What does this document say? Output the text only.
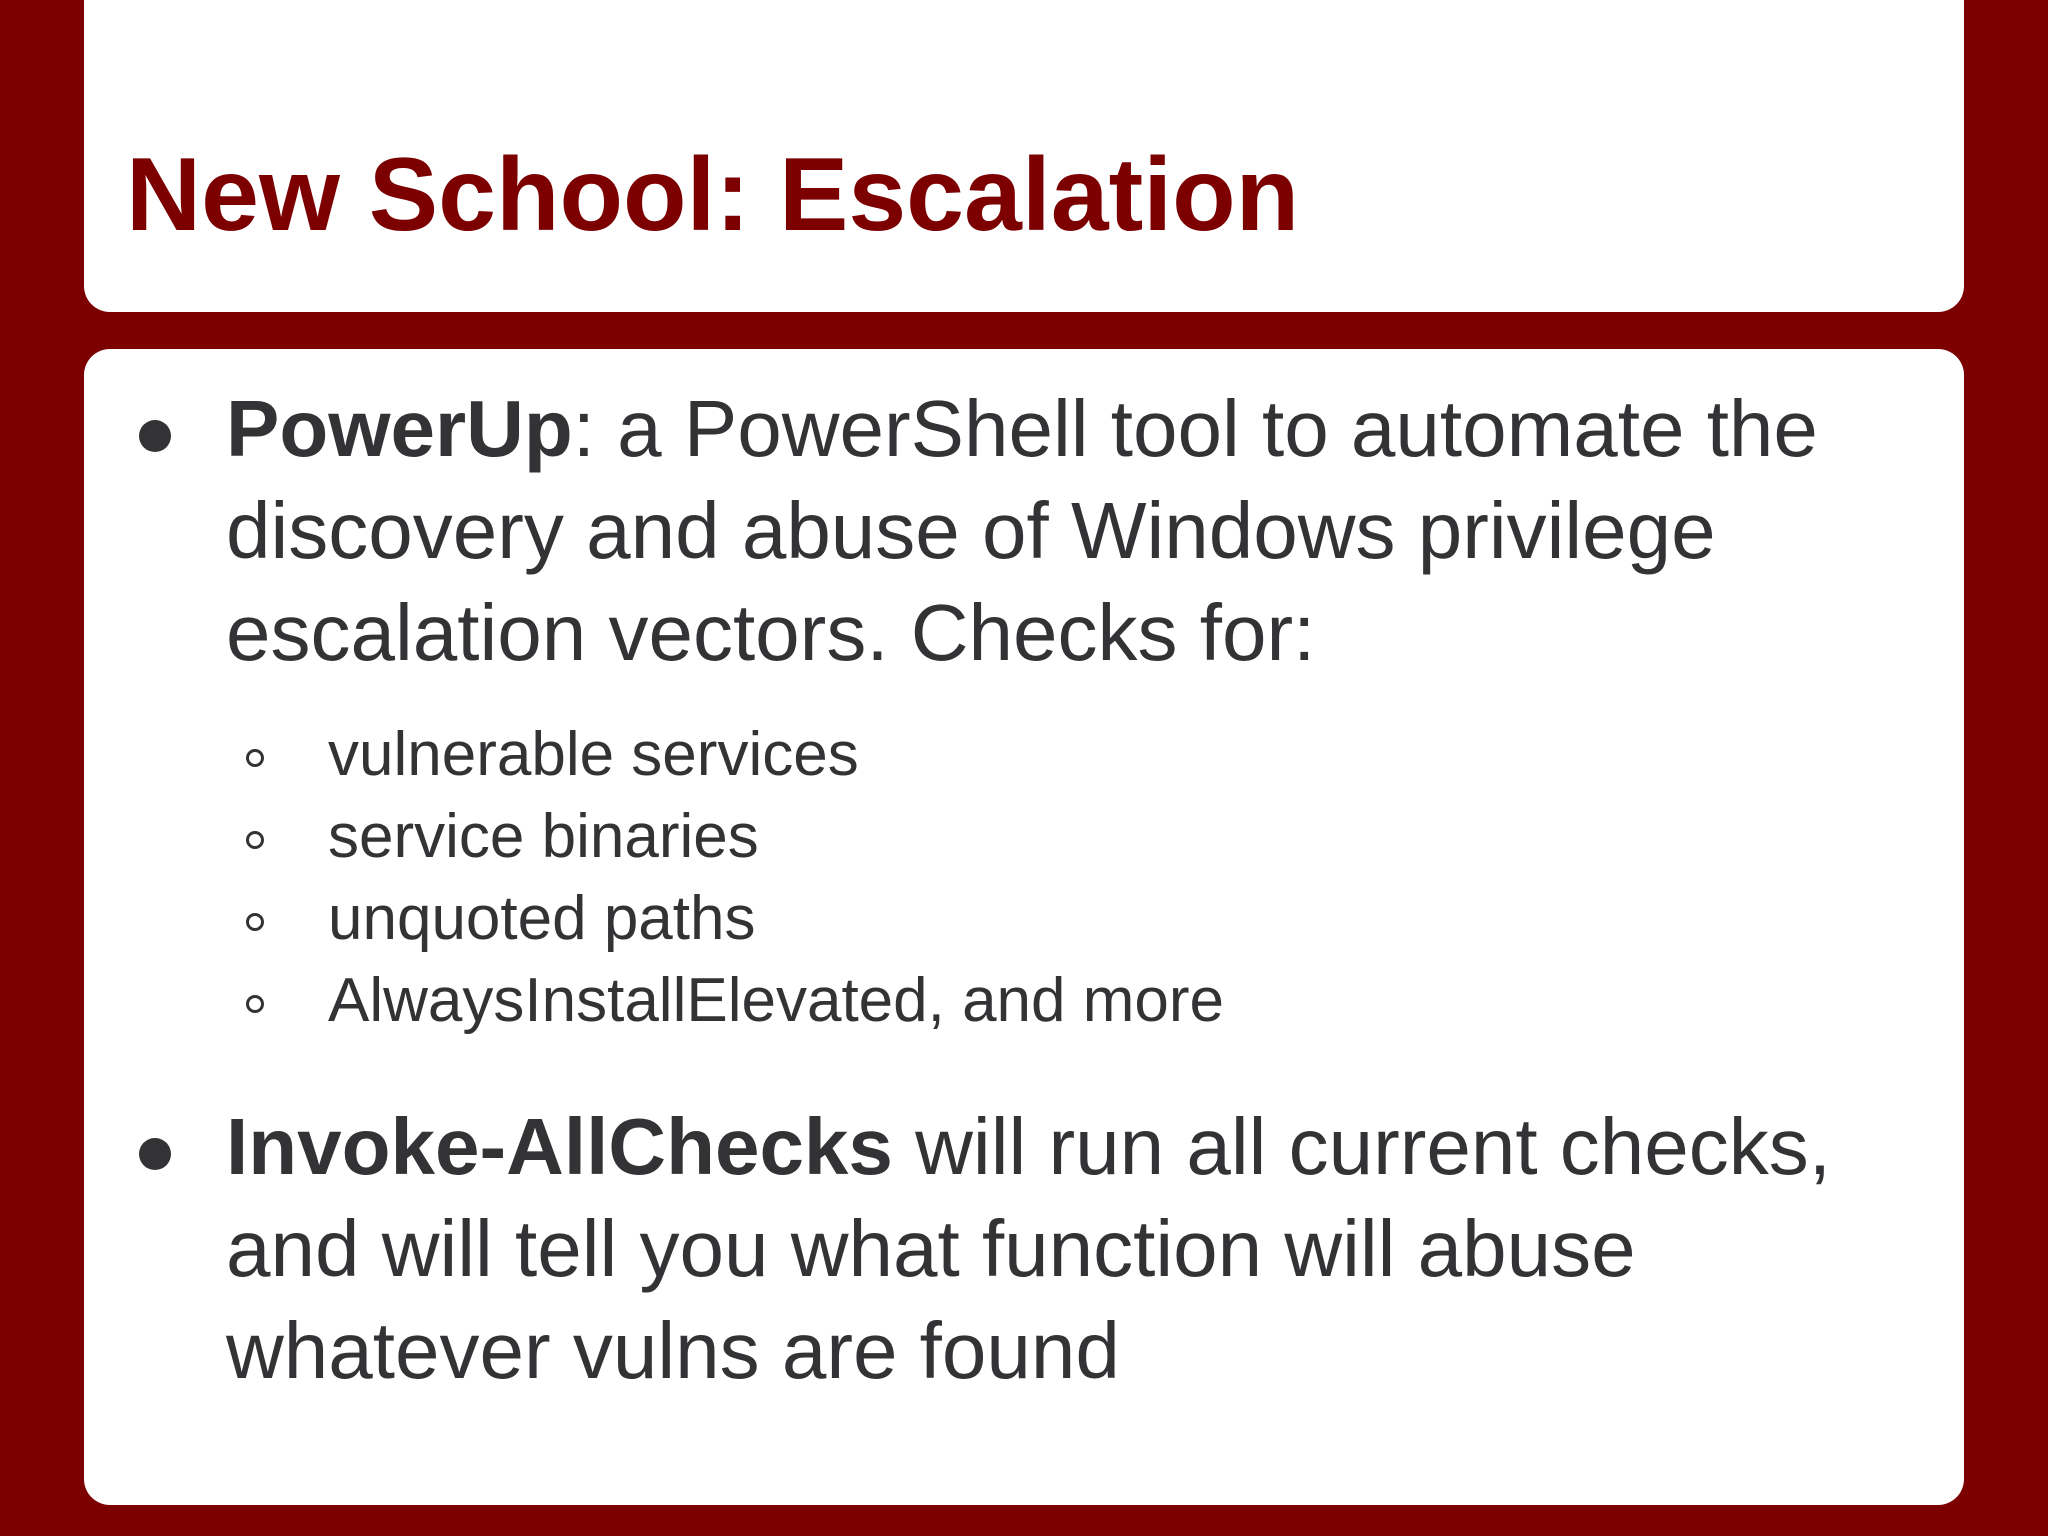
New School: Escalation

PowerUp: a PowerShell tool to automate the discovery and abuse of Windows privilege escalation vectors. Checks for:

vulnerable services
service binaries
unquoted paths
AlwaysInstallElevated, and more

Invoke-AllChecks will run all current checks, and will tell you what function will abuse whatever vulns are found
